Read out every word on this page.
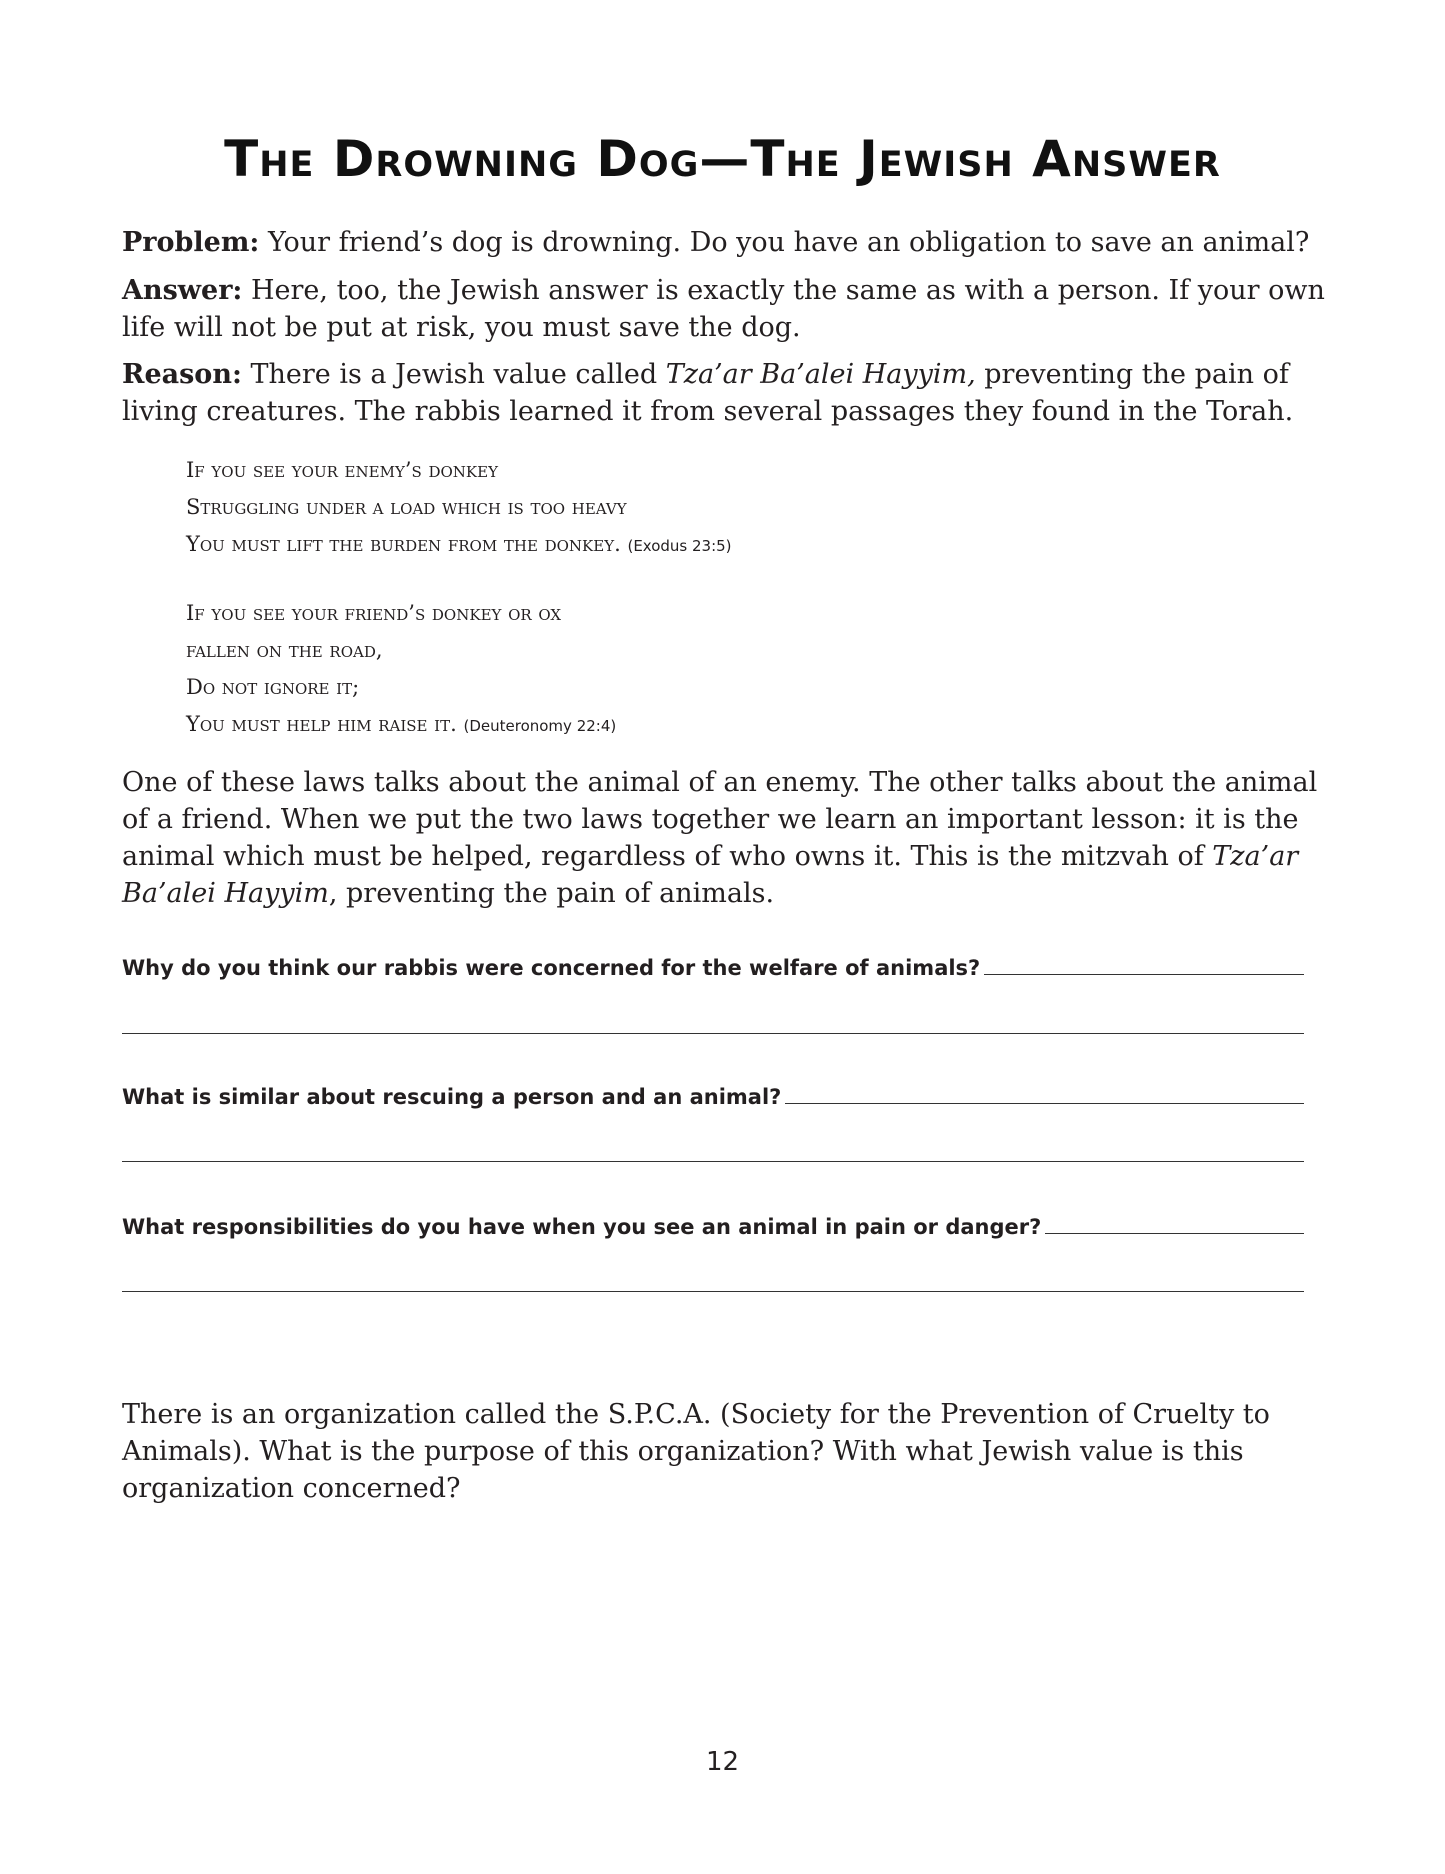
The Drowning Dog—The Jewish Answer
Problem: Your friend’s dog is drowning. Do you have an obligation to save an animal?
Answer: Here, too, the Jewish answer is exactly the same as with a person. If your own life will not be put at risk, you must save the dog.
Reason: There is a Jewish value called Tza’ar Ba’alei Hayyim, preventing the pain of living creatures. The rabbis learned it from several passages they found in the Torah.
If you see your enemy’s donkey
Struggling under a load which is too heavy
You must lift the burden from the donkey. (Exodus 23:5)
If you see your friend’s donkey or ox
fallen on the road,
Do not ignore it;
You must help him raise it. (Deuteronomy 22:4)
One of these laws talks about the animal of an enemy. The other talks about the animal of a friend. When we put the two laws together we learn an important lesson: it is the animal which must be helped, regardless of who owns it. This is the mitzvah of Tza’ar Ba’alei Hayyim, preventing the pain of animals.
Why do you think our rabbis were concerned for the welfare of animals?
What is similar about rescuing a person and an animal?
What responsibilities do you have when you see an animal in pain or danger?
There is an organization called the S.P.C.A. (Society for the Prevention of Cruelty to Animals). What is the purpose of this organization? With what Jewish value is this organization concerned?
12
